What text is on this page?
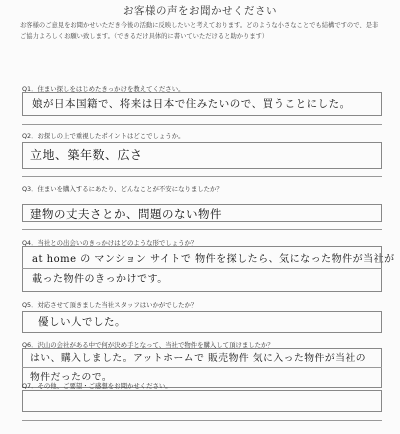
お客様の声をお聞かせください
お客様のご意見をお聞かせいただき今後の活動に反映したいと考えております。どのような小さなことでも結構ですので、是非ご協力よろしくお願い致します。（できるだけ具体的に書いていただけると助かります）
Q1．住まい探しをはじめたきっかけを教えてください。
娘が日本国籍で、将来は日本で住みたいので、買うことにした。
Q2．お探しの上で重視したポイントはどこでしょうか。
立地、築年数、広さ
Q3．住まいを購入するにあたり、どんなことが不安になりましたか？
建物の丈夫さとか、問題のない物件
Q4．当社との出会いのきっかけはどのような形でしょうか？
at home の マンション サイトで 物件を探したら、気になった物件が当社が
載った物件のきっかけです。
Q5．対応させて頂きました当社スタッフはいかがでしたか？
優しい人でした。
Q6．沢山の会社がある中で何が決め手となって、当社で物件を購入して頂けましたか？
はい、購入しました。アットホームで 販売物件 気に入った物件が当社の
物件だったので。
Q7．その他、ご要望・ご感想をお聞かせください。
